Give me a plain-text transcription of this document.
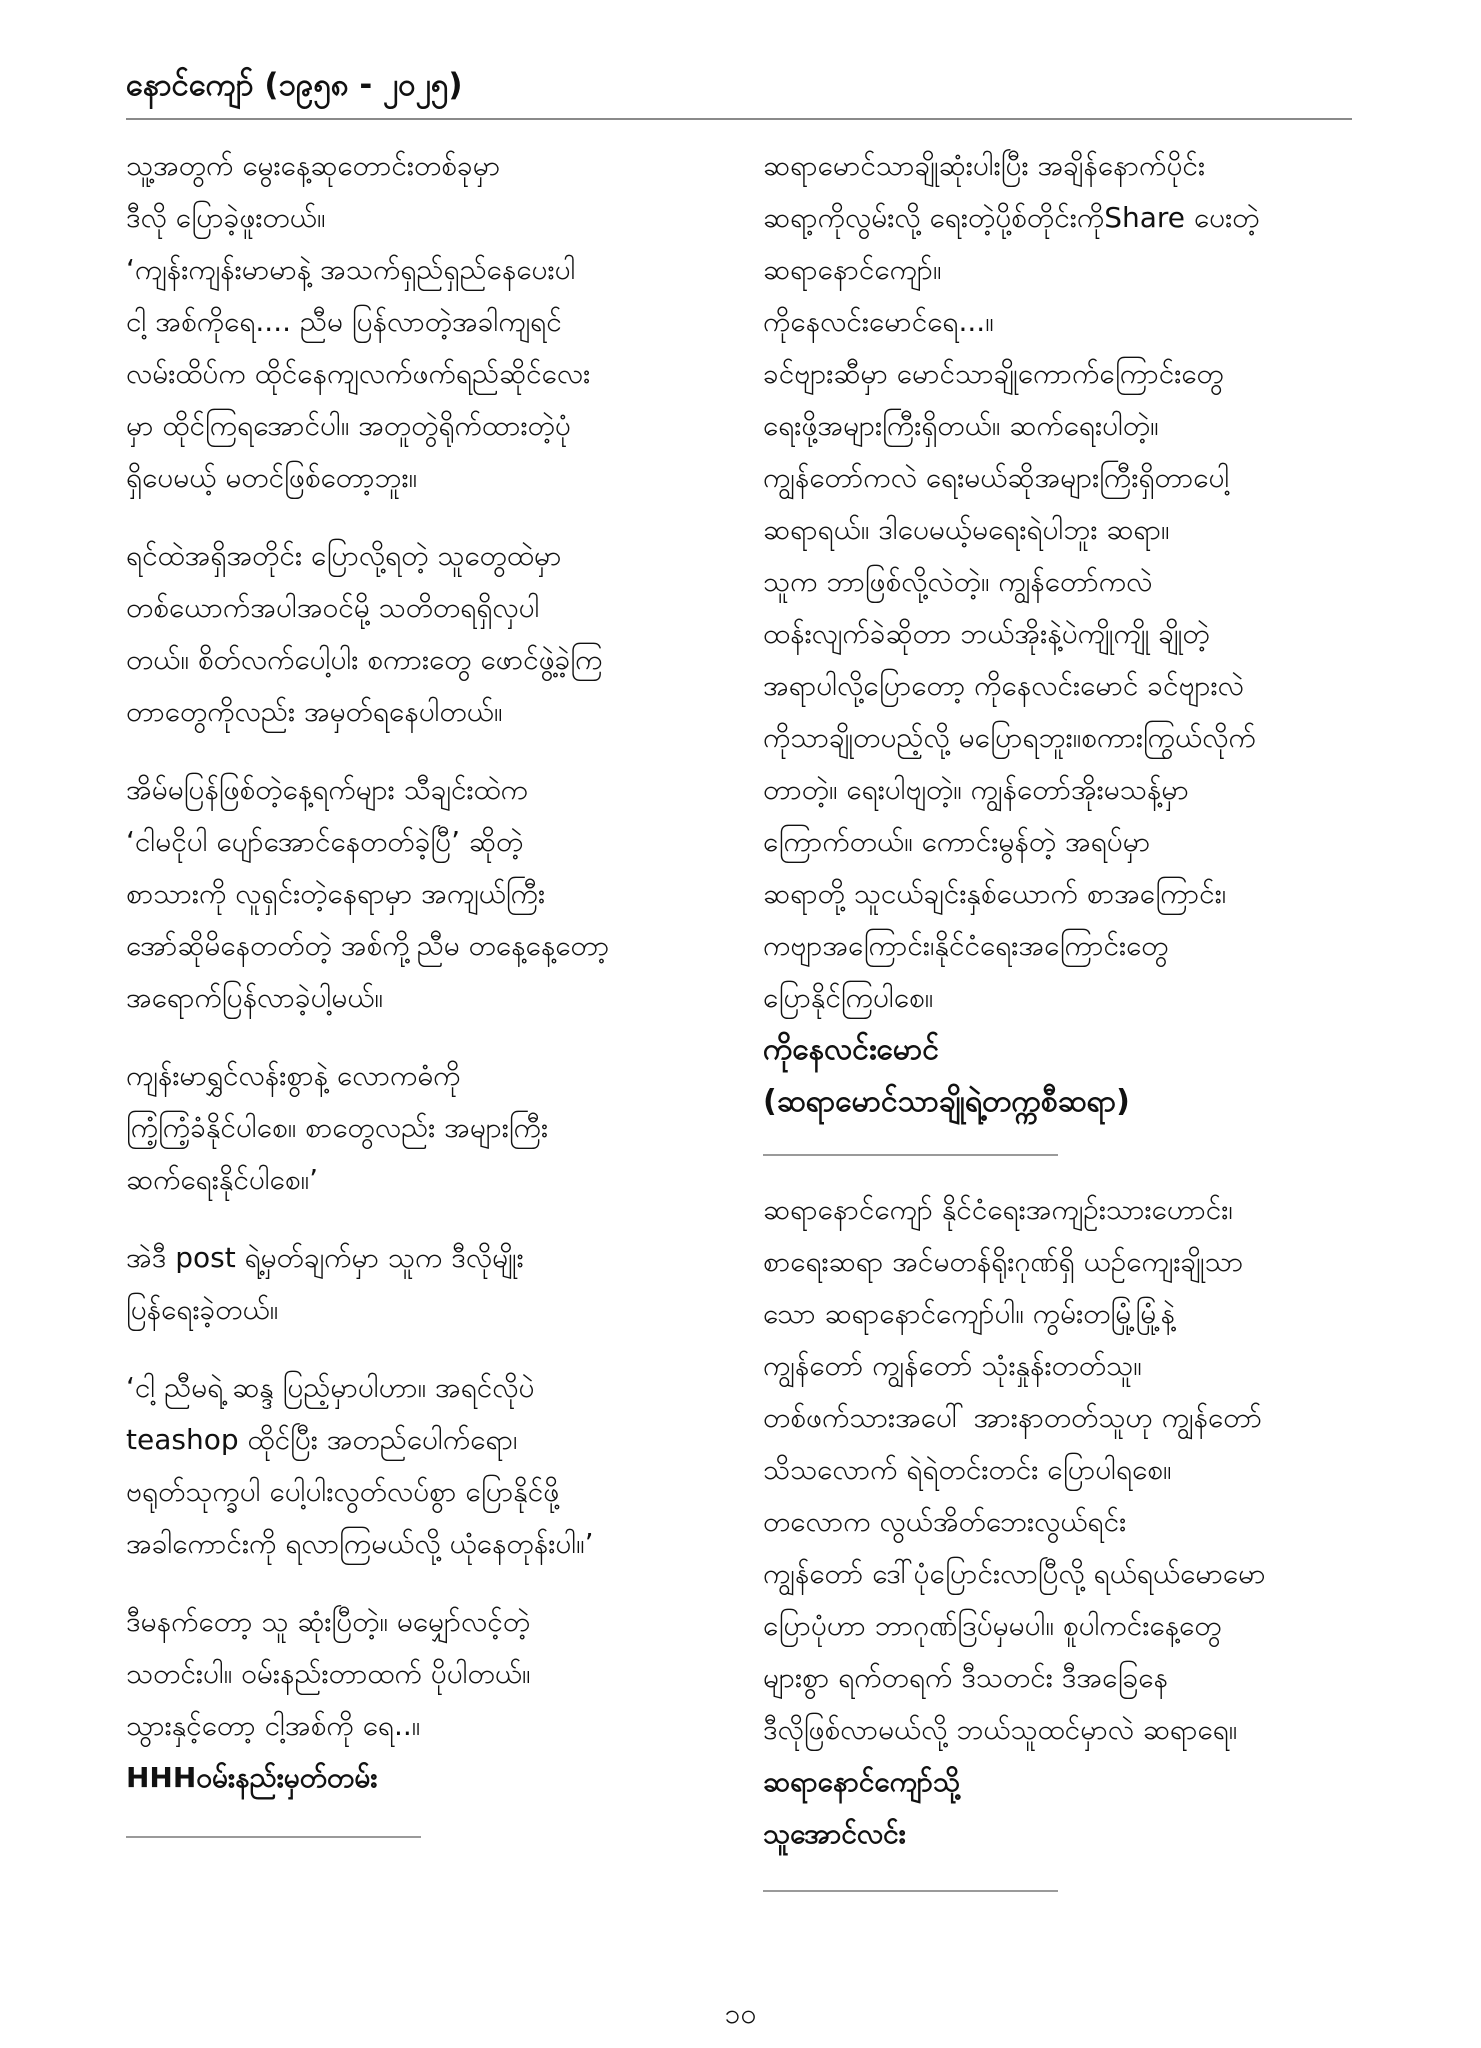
နောင်ကျော် (၁၉၅၈ - ၂၀၂၅)
သူ့အတွက် မွေးနေ့ဆုတောင်းတစ်ခုမှာ
ဒီလို ပြောခဲ့ဖူးတယ်။
‘ကျန်းကျန်းမာမာနဲ့ အသက်ရှည်ရှည်နေပေးပါ
ငါ့ အစ်ကိုရေ.... ညီမ ပြန်လာတဲ့အခါကျရင်
လမ်းထိပ်က ထိုင်နေကျလက်ဖက်ရည်ဆိုင်လေး
မှာ ထိုင်ကြရအောင်ပါ။ အတူတွဲရိုက်ထားတဲ့ပုံ
ရှိပေမယ့် မတင်ဖြစ်တော့ဘူး။
ရင်ထဲအရှိအတိုင်း ပြောလို့ရတဲ့ သူတွေထဲမှာ
တစ်ယောက်အပါအဝင်မို့ သတိတရရှိလှပါ
တယ်။ စိတ်လက်ပေါ့ပါး စကားတွေ ဖောင်ဖွဲ့ခဲ့ကြ
တာတွေကိုလည်း အမှတ်ရနေပါတယ်။
အိမ်မပြန်ဖြစ်တဲ့နေ့ရက်များ သီချင်းထဲက
‘ငါမငိုပါ ပျော်အောင်နေတတ်ခဲ့ပြီ’ ဆိုတဲ့
စာသားကို လူရှင်းတဲ့နေရာမှာ အကျယ်ကြီး
အော်ဆိုမိနေတတ်တဲ့ အစ်ကို့ညီမ တနေ့နေ့တော့
အရောက်ပြန်လာခဲ့ပါ့မယ်။
ကျန်းမာရွှင်လန်းစွာနဲ့ လောကဓံကို
ကြံ့ကြံ့ခံနိုင်ပါစေ။ စာတွေလည်း အများကြီး
ဆက်ရေးနိုင်ပါစေ။’
အဲဒီ post ရဲ့မှတ်ချက်မှာ သူက ဒီလိုမျိုး
ပြန်ရေးခဲ့တယ်။
‘ငါ့ ညီမရဲ့ ဆန္ဒ ပြည့်မှာပါဟာ။ အရင်လိုပဲ
teashop ထိုင်ပြီး အတည်ပေါက်ရော၊
ဗရုတ်သုက္ခပါ ပေါ့ပါးလွတ်လပ်စွာ ပြောနိုင်ဖို့
အခါကောင်းကို ရလာကြမယ်လို့ ယုံနေတုန်းပါ။’
ဒီမနက်တော့ သူ ဆုံးပြီတဲ့။ မမျှော်လင့်တဲ့
သတင်းပါ။ ဝမ်းနည်းတာထက် ပိုပါတယ်။
သွားနှင့်တော့ ငါ့အစ်ကို ရေ..။
HHHဝမ်းနည်းမှတ်တမ်း
ဆရာမောင်သာချိုဆုံးပါးပြီး အချိန်နောက်ပိုင်း
ဆရာ့ကိုလွမ်းလို့ ရေးတဲ့ပို့စ်တိုင်းကိုShare ပေးတဲ့
ဆရာနောင်ကျော်။
ကိုနေလင်းမောင်ရေ...။
ခင်ဗျားဆီမှာ မောင်သာချိုကောက်ကြောင်းတွေ
ရေးဖို့အများကြီးရှိတယ်။ ဆက်ရေးပါတဲ့။
ကျွန်တော်ကလဲ ရေးမယ်ဆိုအများကြီးရှိတာပေါ့
ဆရာရယ်။ ဒါပေမယ့်မရေးရဲပါဘူး ဆရာ။
သူက ဘာဖြစ်လို့လဲတဲ့။ ကျွန်တော်ကလဲ
ထန်းလျက်ခဲဆိုတာ ဘယ်အိုးနဲ့ပဲကျိုကျို ချိုတဲ့
အရာပါလို့ပြောတော့ ကိုနေလင်းမောင် ခင်ဗျားလဲ
ကိုသာချိုတပည့်လို့ မပြောရဘူး။စကားကြွယ်လိုက်
တာတဲ့။ ရေးပါဗျတဲ့။ ကျွန်တော်အိုးမသန့်မှာ
ကြောက်တယ်။ ကောင်းမွန်တဲ့ အရပ်မှာ
ဆရာတို့ သူငယ်ချင်းနှစ်ယောက် စာအကြောင်း၊
ကဗျာအကြောင်း၊နိုင်ငံရေးအကြောင်းတွေ
ပြောနိုင်ကြပါစေ။
ကိုနေလင်းမောင်
(ဆရာမောင်သာချိုရဲ့တက္ကစီဆရာ)
ဆရာနောင်ကျော် နိုင်ငံရေးအကျဉ်းသားဟောင်း၊
စာရေးဆရာ အင်မတန်ရိုးဂုဏ်ရှိ ယဉ်ကျေးချိုသာ
သော ဆရာနောင်ကျော်ပါ။ ကွမ်းတမြုံ့မြုံ့နဲ့
ကျွန်တော် ကျွန်တော် သုံးနှုန်းတတ်သူ။
တစ်ဖက်သားအပေါ် အားနာတတ်သူဟု ကျွန်တော်
သိသလောက် ရဲရဲတင်းတင်း ပြောပါရစေ။
တလောက လွယ်အိတ်ဘေးလွယ်ရင်း
ကျွန်တော် ဒေါ်ပုံပြောင်းလာပြီလို့ ရယ်ရယ်မောမော
ပြောပုံဟာ ဘာဂုဏ်ဒြပ်မှမပါ။ စူပါကင်းနေ့တွေ
များစွာ ရက်တရက် ဒီသတင်း ဒီအခြေနေ
ဒီလိုဖြစ်လာမယ်လို့ ဘယ်သူထင်မှာလဲ ဆရာရေ။
ဆရာနောင်ကျော်သို့
သူအောင်လင်း
၁၀
